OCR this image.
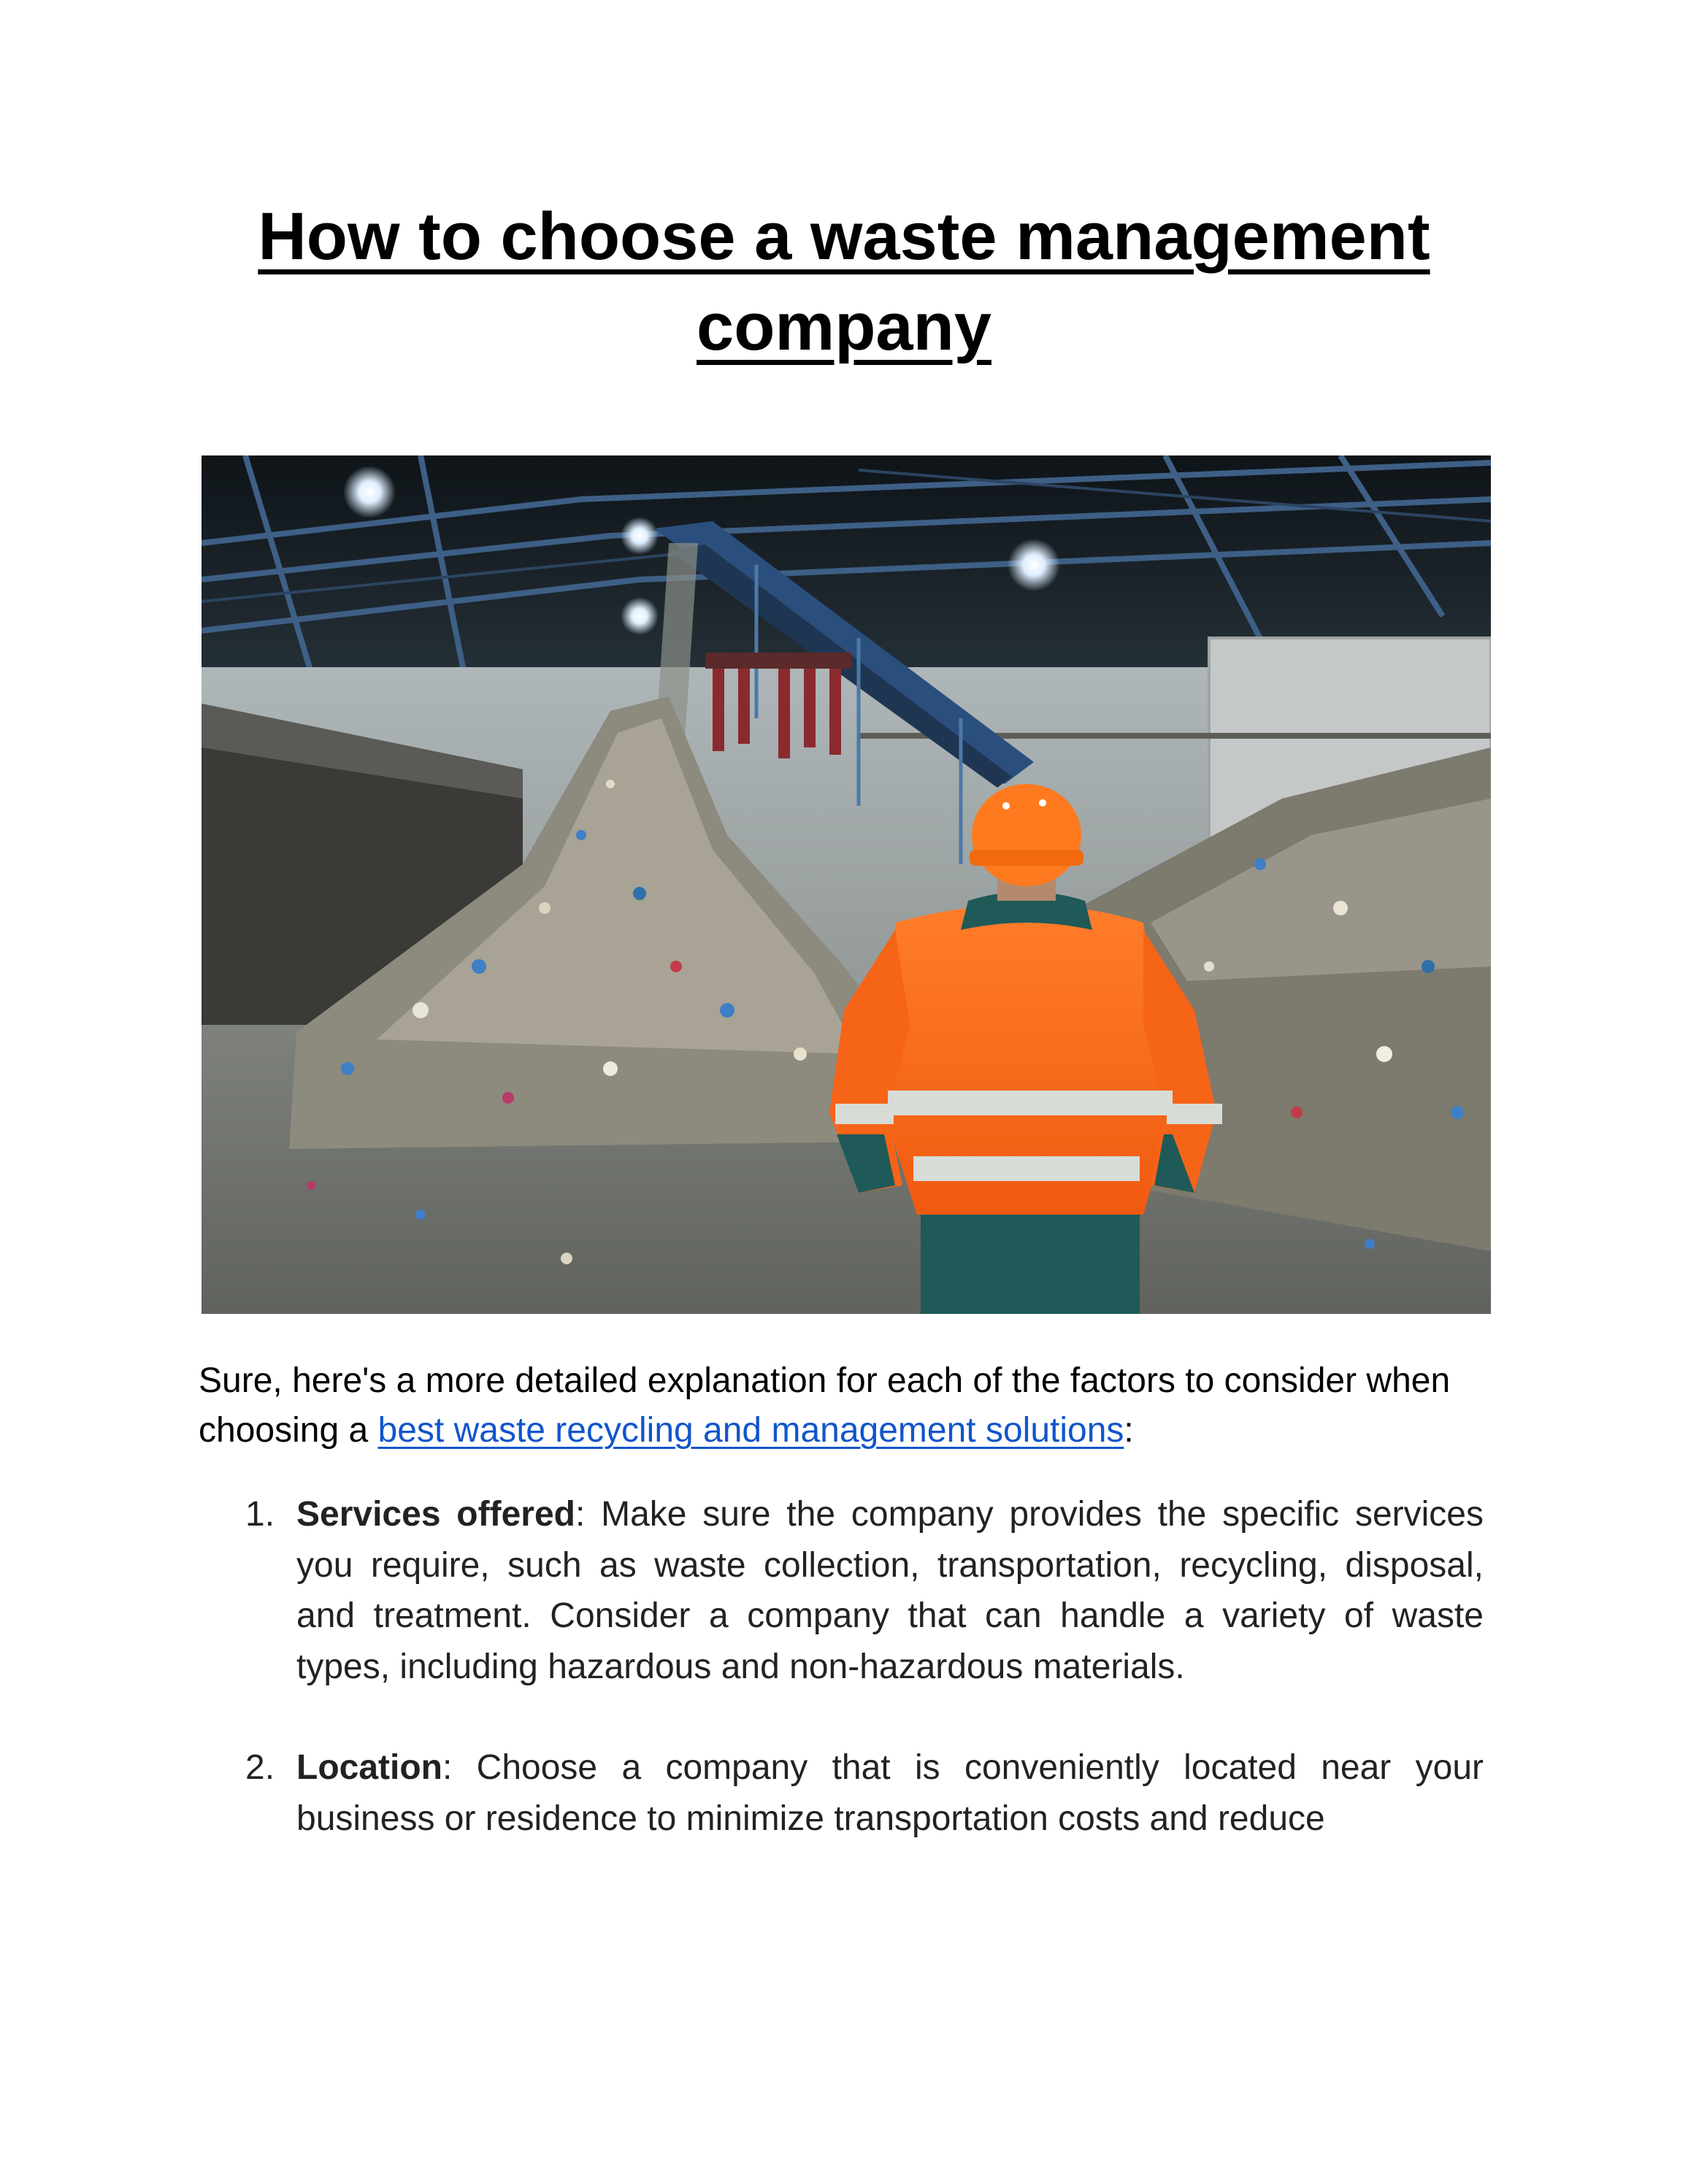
How to choose a waste management company

Sure, here's a more detailed explanation for each of the factors to consider when choosing a best waste recycling and management solutions:

1. Services offered: Make sure the company provides the specific services you require, such as waste collection, transportation, recycling, disposal, and treatment. Consider a company that can handle a variety of waste types, including hazardous and non-hazardous materials.
2. Location: Choose a company that is conveniently located near your business or residence to minimize transportation costs and reduce
